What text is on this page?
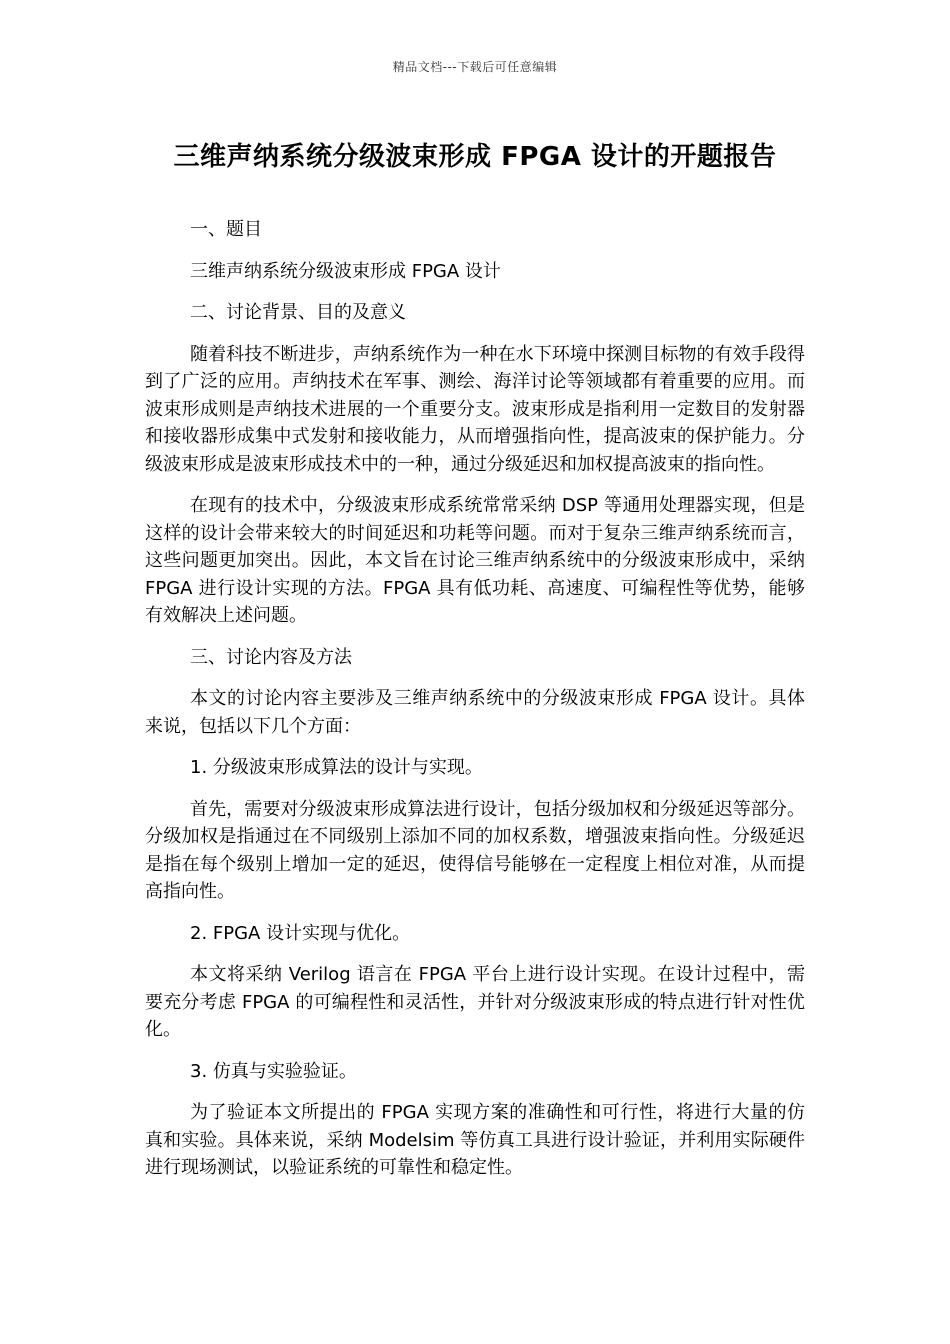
精品文档---下载后可任意编辑
三维声纳系统分级波束形成 FPGA 设计的开题报告

一、题目

三维声纳系统分级波束形成 FPGA 设计

二、讨论背景、目的及意义

随着科技不断进步，声纳系统作为一种在水下环境中探测目标物的有效手段得到了广泛的应用。声纳技术在军事、测绘、海洋讨论等领域都有着重要的应用。而波束形成则是声纳技术进展的一个重要分支。波束形成是指利用一定数目的发射器和接收器形成集中式发射和接收能力，从而增强指向性，提高波束的保护能力。分级波束形成是波束形成技术中的一种，通过分级延迟和加权提高波束的指向性。

在现有的技术中，分级波束形成系统常常采纳 DSP 等通用处理器实现，但是这样的设计会带来较大的时间延迟和功耗等问题。而对于复杂三维声纳系统而言，这些问题更加突出。因此，本文旨在讨论三维声纳系统中的分级波束形成中，采纳 FPGA 进行设计实现的方法。FPGA 具有低功耗、高速度、可编程性等优势，能够有效解决上述问题。

三、讨论内容及方法

本文的讨论内容主要涉及三维声纳系统中的分级波束形成 FPGA 设计。具体来说，包括以下几个方面：

1. 分级波束形成算法的设计与实现。

首先，需要对分级波束形成算法进行设计，包括分级加权和分级延迟等部分。分级加权是指通过在不同级别上添加不同的加权系数，增强波束指向性。分级延迟是指在每个级别上增加一定的延迟，使得信号能够在一定程度上相位对准，从而提高指向性。

2. FPGA 设计实现与优化。

本文将采纳 Verilog 语言在 FPGA 平台上进行设计实现。在设计过程中，需要充分考虑 FPGA 的可编程性和灵活性，并针对分级波束形成的特点进行针对性优化。

3. 仿真与实验验证。

为了验证本文所提出的 FPGA 实现方案的准确性和可行性，将进行大量的仿真和实验。具体来说，采纳 Modelsim 等仿真工具进行设计验证，并利用实际硬件进行现场测试，以验证系统的可靠性和稳定性。
